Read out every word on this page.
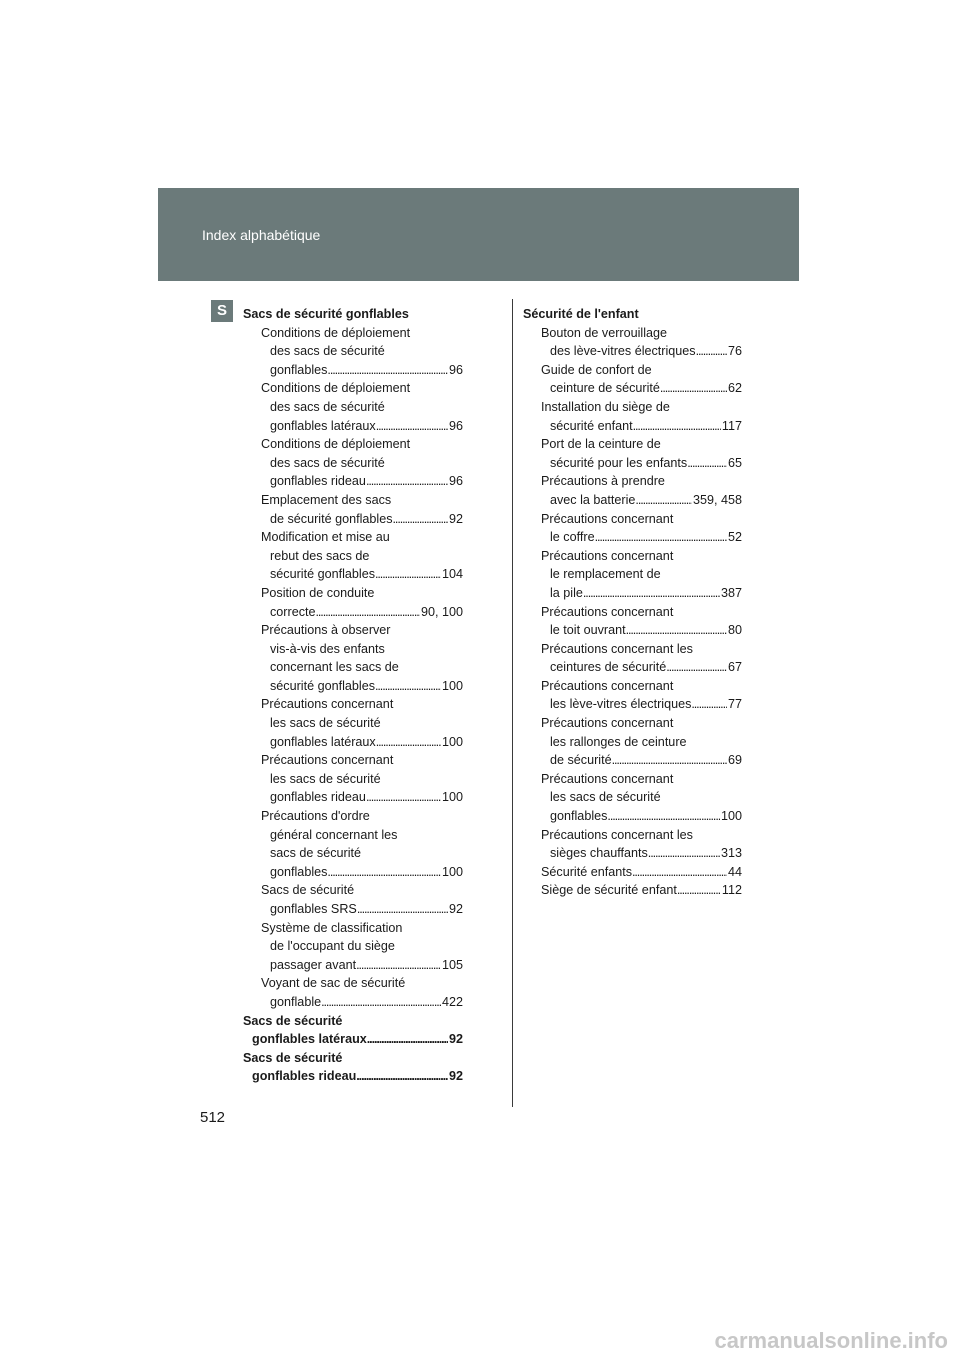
Index alphabétique
S	Sacs de sécurité gonflables
Conditions de déploiement
des sacs de sécurité
gonflables . . .	96
Conditions de déploiement
des sacs de sécurité
gonflables latéraux . . .	96
Conditions de déploiement
des sacs de sécurité
gonflables rideau . . .	96
Emplacement des sacs
de sécurité gonflables . . .	92
Modification et mise au
rebut des sacs de
sécurité gonflables . . .	104
Position de conduite
correcte . . .	90, 100
Précautions à observer
vis-à-vis des enfants
concernant les sacs de
sécurité gonflables . . .	100
Précautions concernant
les sacs de sécurité
gonflables latéraux . . .	100
Précautions concernant
les sacs de sécurité
gonflables rideau . . .	100
Précautions d'ordre
général concernant les
sacs de sécurité
gonflables . . .	100
Sacs de sécurité
gonflables SRS . . .	92
Système de classification
de l'occupant du siège
passager avant . . .	105
Voyant de sac de sécurité
gonflable . . .	422
Sacs de sécurité
gonflables latéraux . . .	92
Sacs de sécurité
gonflables rideau . . .	92
Sécurité de l'enfant
Bouton de verrouillage
des lève-vitres électriques . . .	76
Guide de confort de
ceinture de sécurité . . .	62
Installation du siège de
sécurité enfant . . .	117
Port de la ceinture de
sécurité pour les enfants . . .	65
Précautions à prendre
avec la batterie . . .	359, 458
Précautions concernant
le coffre . . .	52
Précautions concernant
le remplacement de
la pile . . .	387
Précautions concernant
le toit ouvrant . . .	80
Précautions concernant les
ceintures de sécurité . . .	67
Précautions concernant
les lève-vitres électriques . . .	77
Précautions concernant
les rallonges de ceinture
de sécurité . . .	69
Précautions concernant
les sacs de sécurité
gonflables . . .	100
Précautions concernant les
sièges chauffants . . .	313
Sécurité enfants . . .	44
Siège de sécurité enfant . . .	112
512
carmanualsonline.info
